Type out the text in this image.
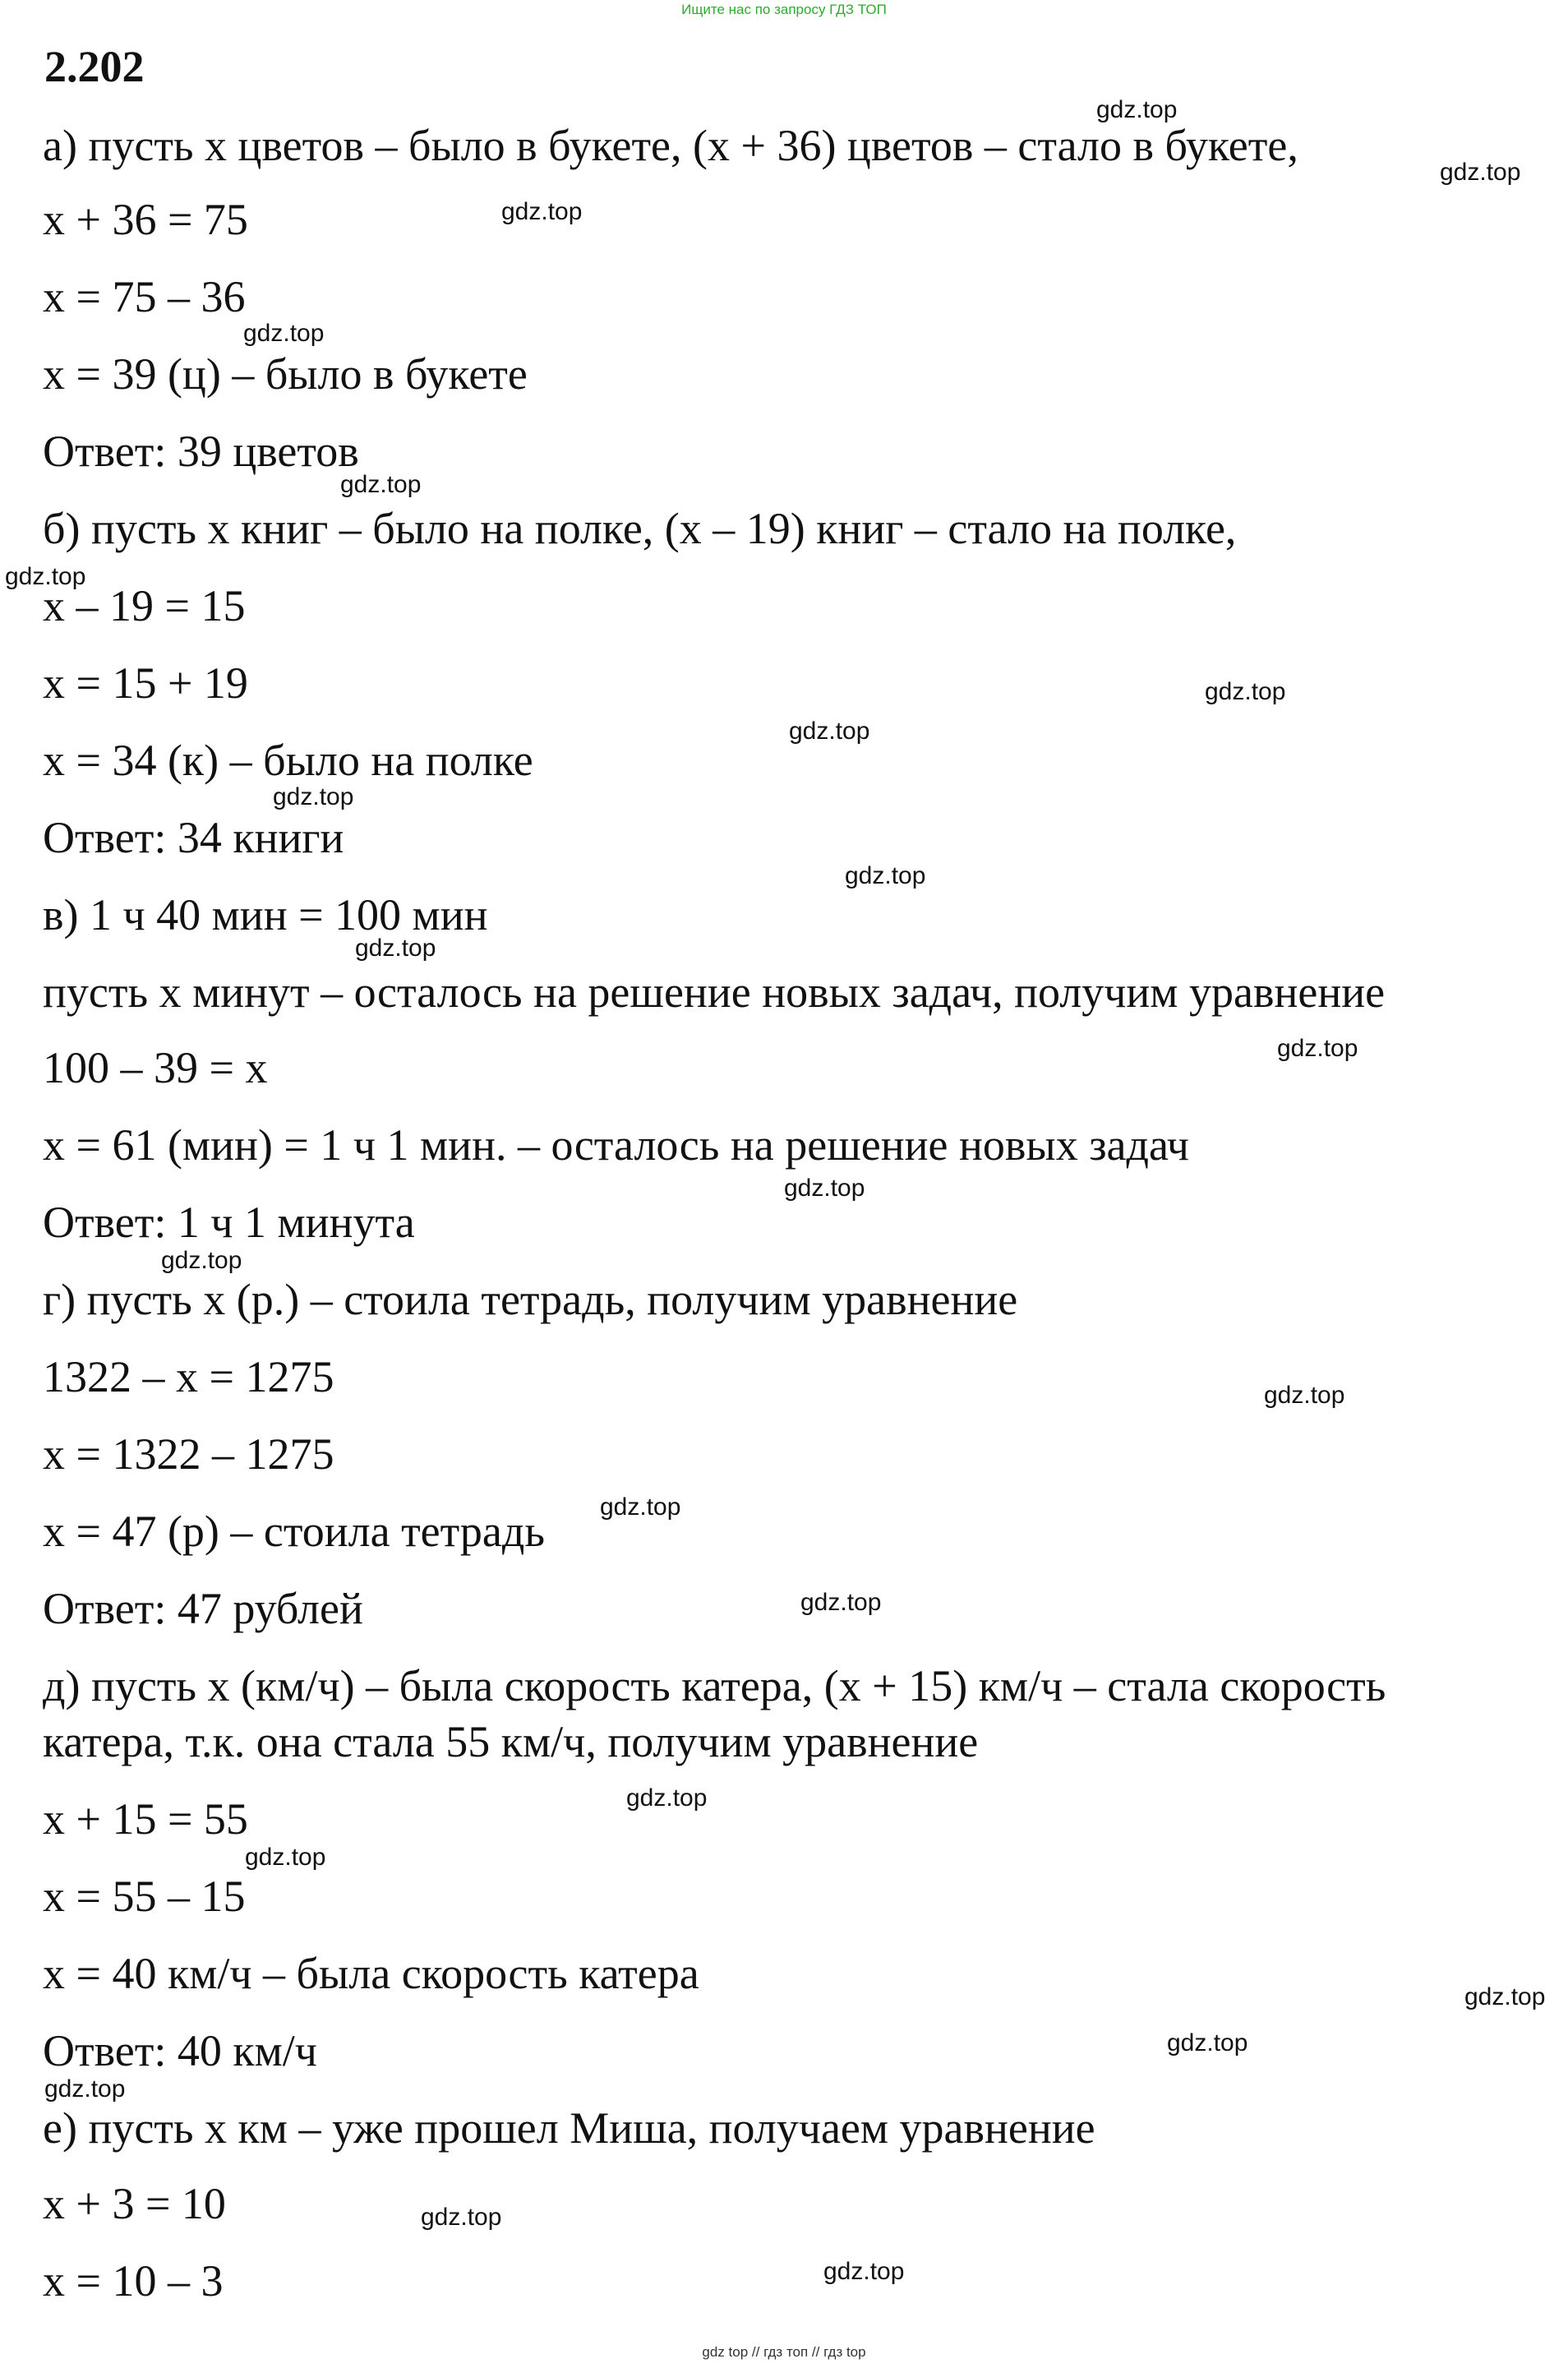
Ищите нас по запросу ГДЗ ТОП
2.202
а) пусть х цветов – было в букете, (х + 36) цветов – стало в букете,
х + 36 = 75
х = 75 – 36
х = 39 (ц) – было в букете
Ответ: 39 цветов
б) пусть х книг – было на полке, (х – 19) книг – стало на полке,
х – 19 = 15
х = 15 + 19
х = 34 (к) – было на полке
Ответ: 34 книги
в) 1 ч 40 мин = 100 мин
пусть х минут – осталось на решение новых задач, получим уравнение
100 – 39 = х
х = 61 (мин) = 1 ч 1 мин. – осталось на решение новых задач
Ответ: 1 ч 1 минута
г) пусть х (р.) – стоила тетрадь, получим уравнение
1322 – х = 1275
х = 1322 – 1275
х = 47 (р) – стоила тетрадь
Ответ: 47 рублей
д) пусть х (км/ч) – была скорость катера, (х + 15) км/ч – стала скорость
катера, т.к. она стала 55 км/ч, получим уравнение
х + 15 = 55
х = 55 – 15
х = 40 км/ч – была скорость катера
Ответ: 40 км/ч
е) пусть х км – уже прошел Миша, получаем уравнение
х + 3 = 10
х = 10 – 3
gdz.top
gdz.top
gdz.top
gdz.top
gdz.top
gdz.top
gdz.top
gdz.top
gdz.top
gdz.top
gdz.top
gdz.top
gdz.top
gdz.top
gdz.top
gdz.top
gdz.top
gdz.top
gdz.top
gdz.top
gdz.top
gdz.top
gdz.top
gdz.top
gdz top // гдз топ // гдз top
